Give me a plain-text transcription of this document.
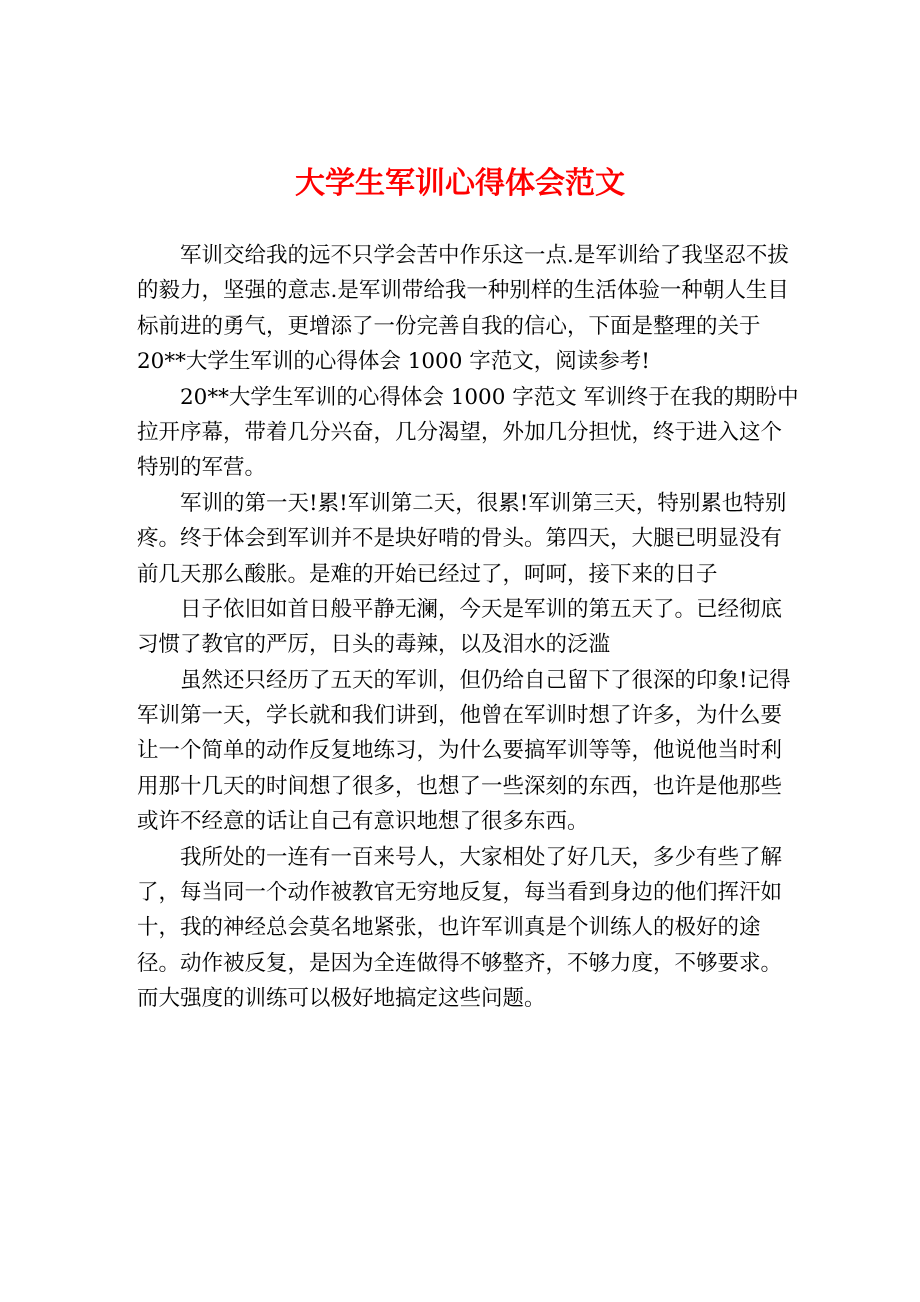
大学生军训心得体会范文
军训交给我的远不只学会苦中作乐这一点.是军训给了我坚忍不拔
的毅力，坚强的意志.是军训带给我一种别样的生活体验一种朝人生目
标前进的勇气，更增添了一份完善自我的信心，下面是整理的关于
20**大学生军训的心得体会 1000 字范文，阅读参考!
20**大学生军训的心得体会 1000 字范文 军训终于在我的期盼中
拉开序幕，带着几分兴奋，几分渴望，外加几分担忧，终于进入这个
特别的军营。
军训的第一天!累!军训第二天，很累!军训第三天，特别累也特别
疼。终于体会到军训并不是块好啃的骨头。第四天，大腿已明显没有
前几天那么酸胀。是难的开始已经过了，呵呵，接下来的日子
日子依旧如首日般平静无澜，今天是军训的第五天了。已经彻底
习惯了教官的严厉，日头的毒辣，以及泪水的泛滥
虽然还只经历了五天的军训，但仍给自己留下了很深的印象!记得
军训第一天，学长就和我们讲到，他曾在军训时想了许多，为什么要
让一个简单的动作反复地练习，为什么要搞军训等等，他说他当时利
用那十几天的时间想了很多，也想了一些深刻的东西，也许是他那些
或许不经意的话让自己有意识地想了很多东西。
我所处的一连有一百来号人，大家相处了好几天，多少有些了解
了，每当同一个动作被教官无穷地反复，每当看到身边的他们挥汗如
十，我的神经总会莫名地紧张，也许军训真是个训练人的极好的途
径。动作被反复，是因为全连做得不够整齐，不够力度，不够要求。
而大强度的训练可以极好地搞定这些问题。
